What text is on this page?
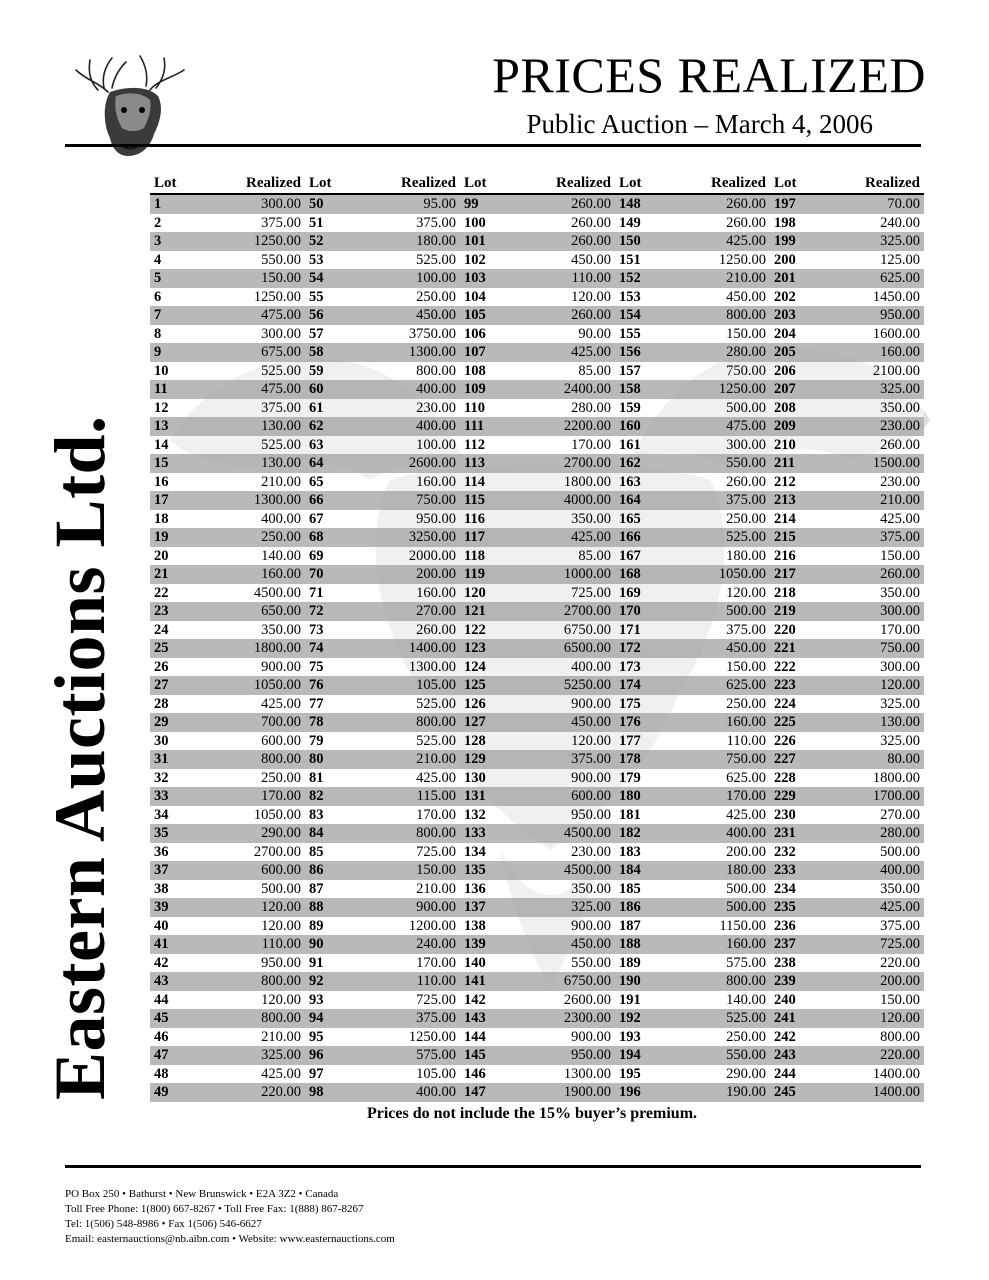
PRICES REALIZED
Public Auction – March 4, 2006
Eastern Auctions Ltd.
Lot	Realized	Lot	Realized	Lot	Realized	Lot	Realized	Lot	Realized
1	300.00	50	95.00	99	260.00	148	260.00	197	70.00
2	375.00	51	375.00	100	260.00	149	260.00	198	240.00
3	1250.00	52	180.00	101	260.00	150	425.00	199	325.00
4	550.00	53	525.00	102	450.00	151	1250.00	200	125.00
5	150.00	54	100.00	103	110.00	152	210.00	201	625.00
6	1250.00	55	250.00	104	120.00	153	450.00	202	1450.00
7	475.00	56	450.00	105	260.00	154	800.00	203	950.00
8	300.00	57	3750.00	106	90.00	155	150.00	204	1600.00
9	675.00	58	1300.00	107	425.00	156	280.00	205	160.00
10	525.00	59	800.00	108	85.00	157	750.00	206	2100.00
11	475.00	60	400.00	109	2400.00	158	1250.00	207	325.00
12	375.00	61	230.00	110	280.00	159	500.00	208	350.00
13	130.00	62	400.00	111	2200.00	160	475.00	209	230.00
14	525.00	63	100.00	112	170.00	161	300.00	210	260.00
15	130.00	64	2600.00	113	2700.00	162	550.00	211	1500.00
16	210.00	65	160.00	114	1800.00	163	260.00	212	230.00
17	1300.00	66	750.00	115	4000.00	164	375.00	213	210.00
18	400.00	67	950.00	116	350.00	165	250.00	214	425.00
19	250.00	68	3250.00	117	425.00	166	525.00	215	375.00
20	140.00	69	2000.00	118	85.00	167	180.00	216	150.00
21	160.00	70	200.00	119	1000.00	168	1050.00	217	260.00
22	4500.00	71	160.00	120	725.00	169	120.00	218	350.00
23	650.00	72	270.00	121	2700.00	170	500.00	219	300.00
24	350.00	73	260.00	122	6750.00	171	375.00	220	170.00
25	1800.00	74	1400.00	123	6500.00	172	450.00	221	750.00
26	900.00	75	1300.00	124	400.00	173	150.00	222	300.00
27	1050.00	76	105.00	125	5250.00	174	625.00	223	120.00
28	425.00	77	525.00	126	900.00	175	250.00	224	325.00
29	700.00	78	800.00	127	450.00	176	160.00	225	130.00
30	600.00	79	525.00	128	120.00	177	110.00	226	325.00
31	800.00	80	210.00	129	375.00	178	750.00	227	80.00
32	250.00	81	425.00	130	900.00	179	625.00	228	1800.00
33	170.00	82	115.00	131	600.00	180	170.00	229	1700.00
34	1050.00	83	170.00	132	950.00	181	425.00	230	270.00
35	290.00	84	800.00	133	4500.00	182	400.00	231	280.00
36	2700.00	85	725.00	134	230.00	183	200.00	232	500.00
37	600.00	86	150.00	135	4500.00	184	180.00	233	400.00
38	500.00	87	210.00	136	350.00	185	500.00	234	350.00
39	120.00	88	900.00	137	325.00	186	500.00	235	425.00
40	120.00	89	1200.00	138	900.00	187	1150.00	236	375.00
41	110.00	90	240.00	139	450.00	188	160.00	237	725.00
42	950.00	91	170.00	140	550.00	189	575.00	238	220.00
43	800.00	92	110.00	141	6750.00	190	800.00	239	200.00
44	120.00	93	725.00	142	2600.00	191	140.00	240	150.00
45	800.00	94	375.00	143	2300.00	192	525.00	241	120.00
46	210.00	95	1250.00	144	900.00	193	250.00	242	800.00
47	325.00	96	575.00	145	950.00	194	550.00	243	220.00
48	425.00	97	105.00	146	1300.00	195	290.00	244	1400.00
49	220.00	98	400.00	147	1900.00	196	190.00	245	1400.00
Prices do not include the 15% buyer’s premium.
PO Box 250 • Bathurst • New Brunswick • E2A 3Z2 • Canada
Toll Free Phone: 1(800) 667-8267 • Toll Free Fax: 1(888) 867-8267
Tel: 1(506) 548-8986 • Fax 1(506) 546-6627
Email: easternauctions@nb.aibn.com • Website: www.easternauctions.com
